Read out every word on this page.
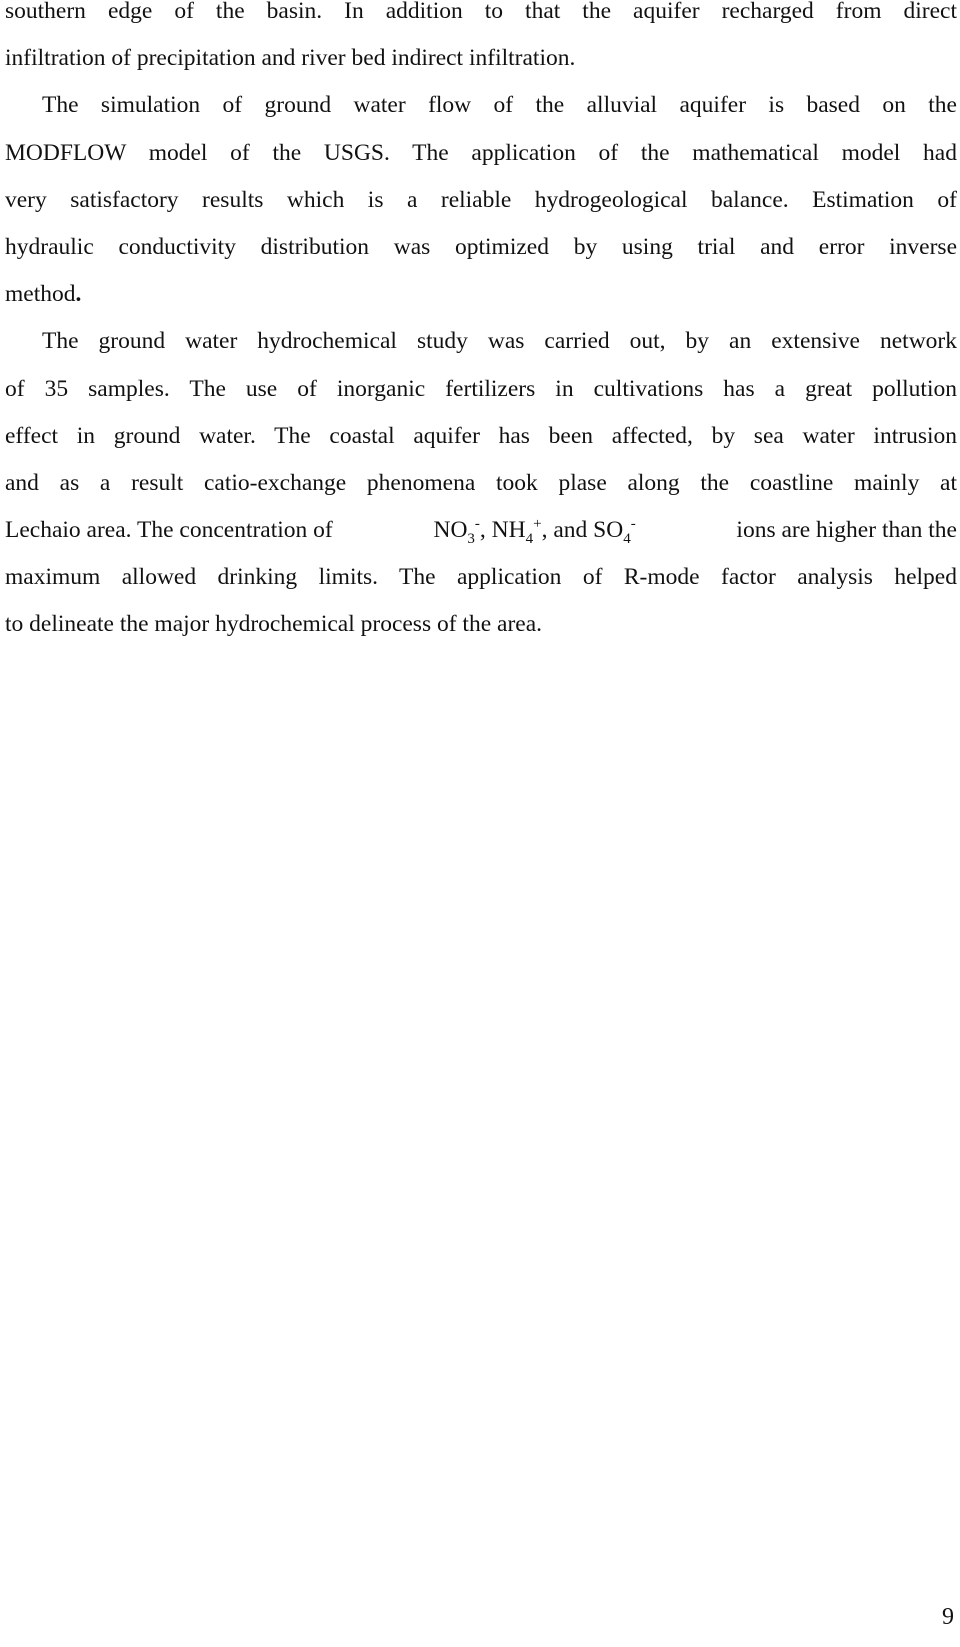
southern edge of the basin. In addition to that the aquifer recharged from direct
infiltration of precipitation and river bed indirect infiltration.
The simulation of ground water flow of the alluvial aquifer is based on the
MODFLOW model of the USGS. The application of the mathematical model had
very satisfactory results which is a reliable hydrogeological balance. Estimation of
hydraulic conductivity distribution was optimized by using trial and error inverse
method.
The ground water hydrochemical study was carried out, by an extensive network
of 35 samples. The use of inorganic fertilizers in cultivations has a great pollution
effect in ground water. The coastal aquifer has been affected, by sea water intrusion
and as a result catio-exchange phenomena took plase along the coastline mainly at
Lechaio area. The concentration of	$NO_3^-$, $NH_4^+$, and $SO_4^-$	ions are higher than the
maximum allowed drinking limits. The application of R-mode factor analysis helped
to delineate the major hydrochemical process of the area.
9
